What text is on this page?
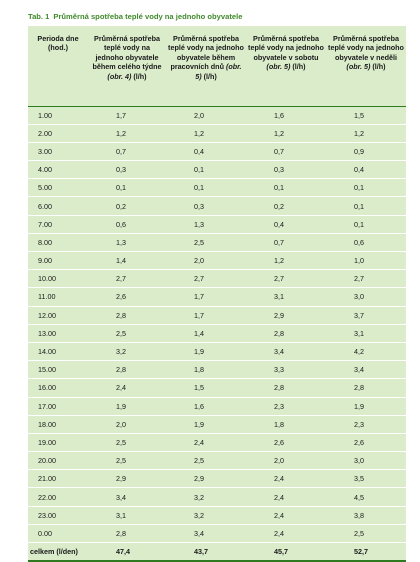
Tab. 1 Průměrná spotřeba teplé vody na jednoho obyvatele
Perioda dne (hod.)	Průměrná spotřeba teplé vody na jednoho obyvatele během celého týdne (obr. 4) (l/h)	Průměrná spotřeba teplé vody na jednoho obyvatele během pracovních dnů (obr. 5) (l/h)	Průměrná spotřeba teplé vody na jednoho obyvatele v sobotu (obr. 5) (l/h)	Průměrná spotřeba teplé vody na jednoho obyvatele v neděli (obr. 5) (l/h)
1.00	1,7	2,0	1,6	1,5
2.00	1,2	1,2	1,2	1,2
3.00	0,7	0,4	0,7	0,9
4.00	0,3	0,1	0,3	0,4
5.00	0,1	0,1	0,1	0,1
6.00	0,2	0,3	0,2	0,1
7.00	0,6	1,3	0,4	0,1
8.00	1,3	2,5	0,7	0,6
9.00	1,4	2,0	1,2	1,0
10.00	2,7	2,7	2,7	2,7
11.00	2,6	1,7	3,1	3,0
12.00	2,8	1,7	2,9	3,7
13.00	2,5	1,4	2,8	3,1
14.00	3,2	1,9	3,4	4,2
15.00	2,8	1,8	3,3	3,4
16.00	2,4	1,5	2,8	2,8
17.00	1,9	1,6	2,3	1,9
18.00	2,0	1,9	1,8	2,3
19.00	2,5	2,4	2,6	2,6
20.00	2,5	2,5	2,0	3,0
21.00	2,9	2,9	2,4	3,5
22.00	3,4	3,2	2,4	4,5
23.00	3,1	3,2	2,4	3,8
0.00	2,8	3,4	2,4	2,5
celkem (l/den)	47,4	43,7	45,7	52,7
